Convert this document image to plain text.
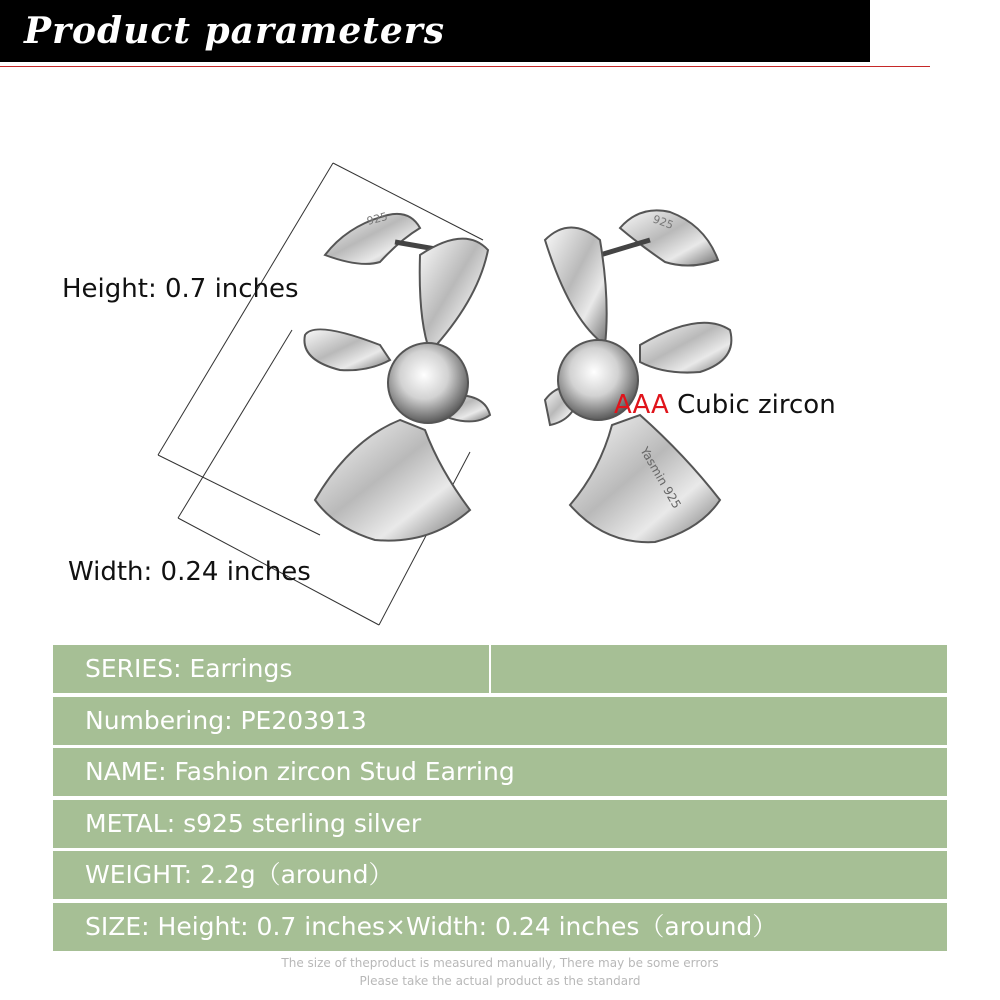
Product parameters
925	925
Yasmin 925
Height: 0.7 inches
Width: 0.24 inches
AAA Cubic zircon
SERIES: Earrings
Numbering: PE203913
NAME: Fashion zircon Stud Earring
METAL: s925 sterling silver
WEIGHT: 2.2g（around）
SIZE: Height: 0.7 inches×Width: 0.24 inches（around）
The size of theproduct is measured manually, There may be some errors
Please take the actual product as the standard
